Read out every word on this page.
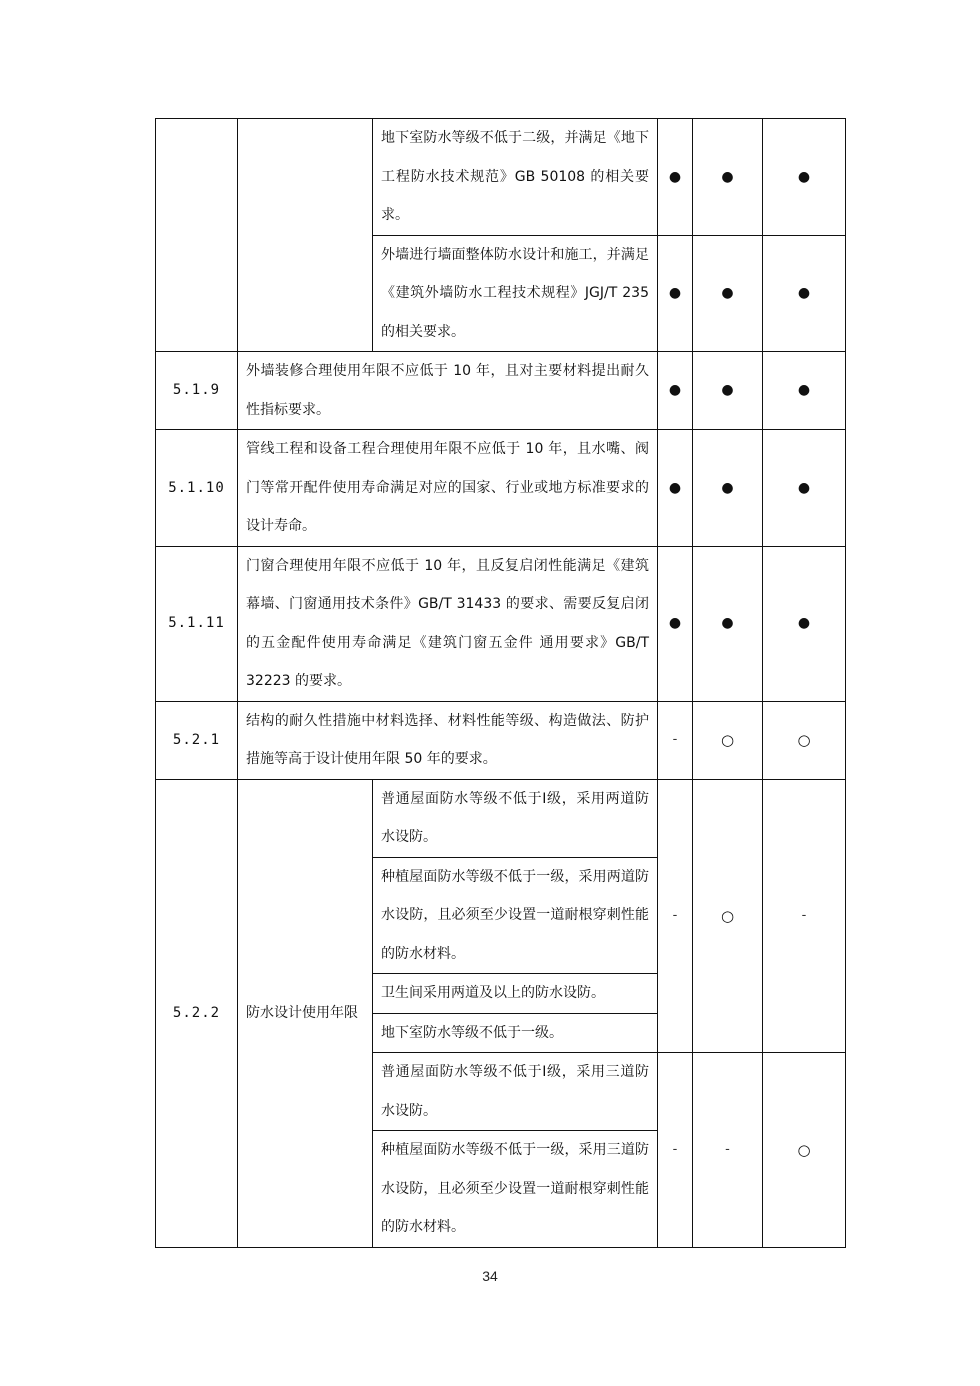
		地下室防水等级不低于二级，并满足《地下工程防水技术规范》GB 50108 的相关要求。	●	●	●
		外墙进行墙面整体防水设计和施工，并满足《建筑外墙防水工程技术规程》JGJ/T 235 的相关要求。	●	●	●
5.1.9	外墙装修合理使用年限不应低于 10 年，且对主要材料提出耐久性指标要求。		●	●	●
5.1.10	管线工程和设备工程合理使用年限不应低于 10 年，且水嘴、阀门等常开配件使用寿命满足对应的国家、行业或地方标准要求的设计寿命。		●	●	●
5.1.11	门窗合理使用年限不应低于 10 年，且反复启闭性能满足《建筑幕墙、门窗通用技术条件》GB/T 31433 的要求、需要反复启闭的五金配件使用寿命满足《建筑门窗五金件 通用要求》GB/T 32223 的要求。		●	●	●
5.2.1	结构的耐久性措施中材料选择、材料性能等级、构造做法、防护措施等高于设计使用年限 50 年的要求。		-	○	○
5.2.2	防水设计使用年限	普通屋面防水等级不低于Ⅰ级，采用两道防水设防。	-	○	-
		种植屋面防水等级不低于一级，采用两道防水设防，且必须至少设置一道耐根穿刺性能的防水材料。			
		卫生间采用两道及以上的防水设防。			
		地下室防水等级不低于一级。			
		普通屋面防水等级不低于Ⅰ级，采用三道防水设防。	-	-	○
		种植屋面防水等级不低于一级，采用三道防水设防，且必须至少设置一道耐根穿刺性能的防水材料。			
34
